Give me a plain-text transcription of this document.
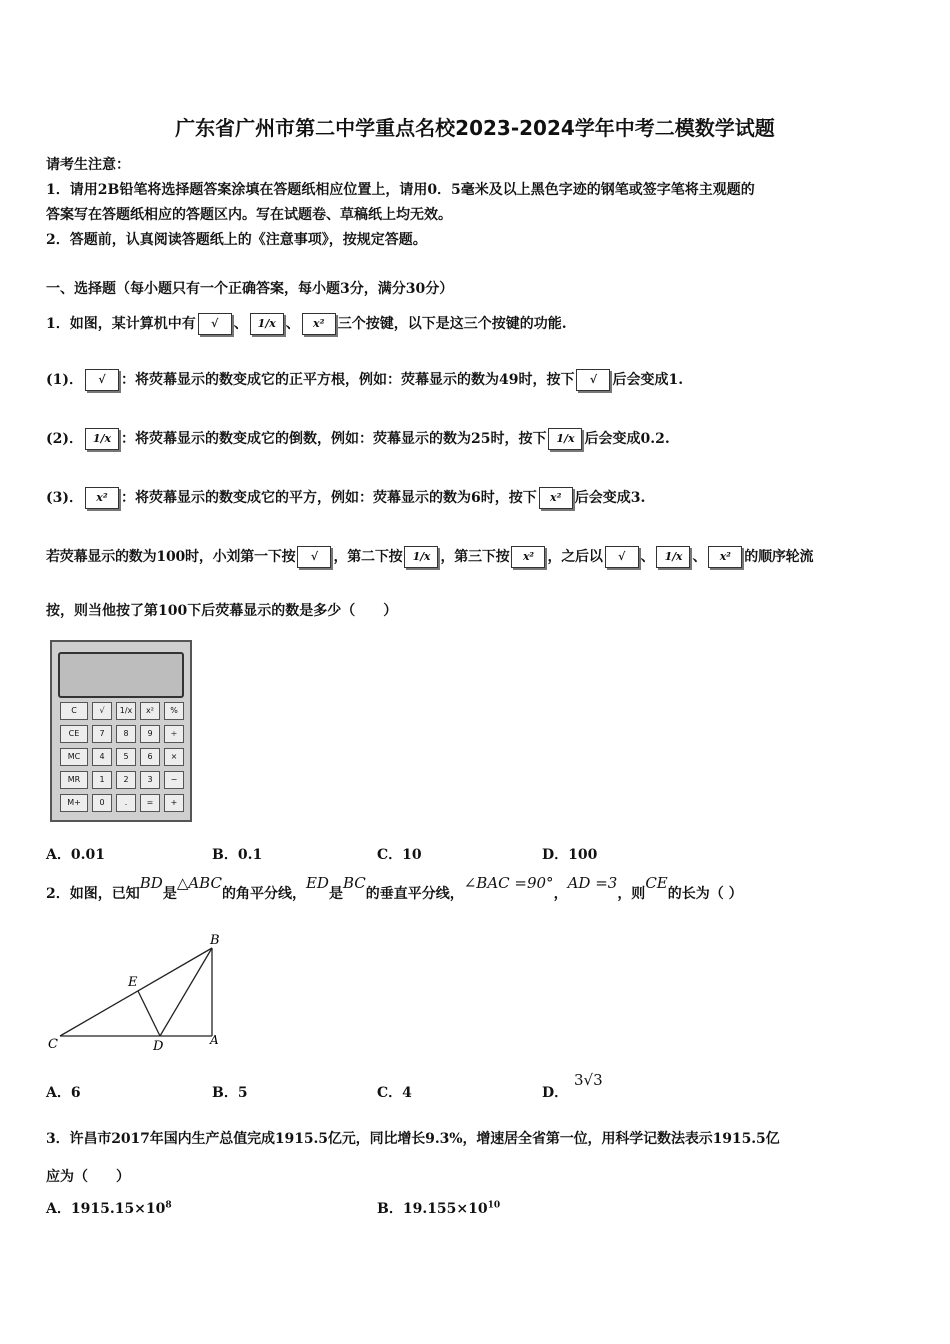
广东省广州市第二中学重点名校2023-2024学年中考二模数学试题
请考生注意：
1．请用2B铅笔将选择题答案涂填在答题纸相应位置上，请用0．5毫米及以上黑色字迹的钢笔或签字笔将主观题的
答案写在答题纸相应的答题区内。写在试题卷、草稿纸上均无效。
2．答题前，认真阅读答题纸上的《注意事项》，按规定答题。
一、选择题（每小题只有一个正确答案，每小题3分，满分30分）
1．如图，某计算机中有 √ 、 1/x 、 x² 三个按键，以下是这三个按键的功能.
(1)． √ ：将荧幕显示的数变成它的正平方根，例如：荧幕显示的数为49时，按下 √ 后会变成1.
(2)． 1/x ：将荧幕显示的数变成它的倒数，例如：荧幕显示的数为25时，按下 1/x 后会变成0.2.
(3)． x² ：将荧幕显示的数变成它的平方，例如：荧幕显示的数为6时，按下 x² 后会变成3.
若荧幕显示的数为100时，小刘第一下按 √ ，第二下按 1/x ，第三下按 x² ，之后以 √ 、 1/x 、 x² 的顺序轮流
按，则当他按了第100下后荧幕显示的数是多少（　　）
C	√	1/x	x²	%
CE	7	8	9	÷
MC	4	5	6	×
MR	1	2	3	−
M+	0	.	=	+
A．0.01	B．0.1	C．10	D．100
2．如图，已知BD是△ABC的角平分线，ED是BC的垂直平分线，∠BAC =90°，AD =3，则CE的长为（ ）
B
E
C	D	A
A．6	B．5	C．4	D．
3√3
3．许昌市2017年国内生产总值完成1915.5亿元，同比增长9.3%，增速居全省第一位，用科学记数法表示1915.5亿
应为（　　）
A．$1915.15\times 10^8$	B．$19.155\times 10^{10}$
